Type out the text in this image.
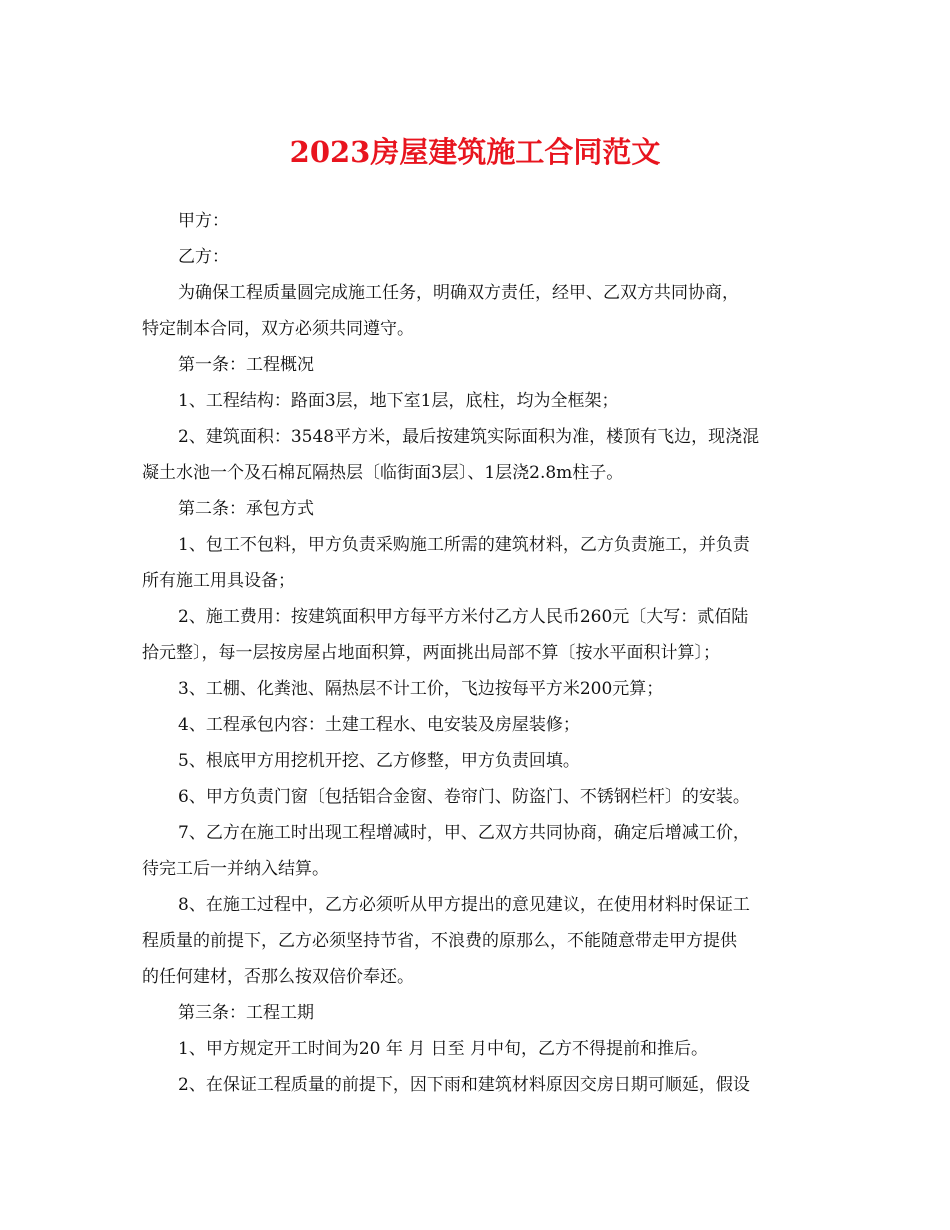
2023房屋建筑施工合同范文
甲方：
乙方：
为确保工程质量圆完成施工任务，明确双方责任，经甲、乙双方共同协商，
特定制本合同，双方必须共同遵守。
第一条：工程概况
1、工程结构：路面3层，地下室1层，底柱，均为全框架；
2、建筑面积：3548平方米，最后按建筑实际面积为准，楼顶有飞边，现浇混
凝土水池一个及石棉瓦隔热层〔临街面3层〕、1层浇2.8m柱子。
第二条：承包方式
1、包工不包料，甲方负责采购施工所需的建筑材料，乙方负责施工，并负责
所有施工用具设备；
2、施工费用：按建筑面积甲方每平方米付乙方人民币260元〔大写：贰佰陆
拾元整〕，每一层按房屋占地面积算，两面挑出局部不算〔按水平面积计算〕；
3、工棚、化粪池、隔热层不计工价，飞边按每平方米200元算；
4、工程承包内容：土建工程水、电安装及房屋装修；
5、根底甲方用挖机开挖、乙方修整，甲方负责回填。
6、甲方负责门窗〔包括铝合金窗、卷帘门、防盗门、不锈钢栏杆〕的安装。
7、乙方在施工时出现工程增减时，甲、乙双方共同协商，确定后增减工价，
待完工后一并纳入结算。
8、在施工过程中，乙方必须听从甲方提出的意见建议，在使用材料时保证工
程质量的前提下，乙方必须坚持节省，不浪费的原那么，不能随意带走甲方提供
的任何建材，否那么按双倍价奉还。
第三条：工程工期
1、甲方规定开工时间为20 年 月 日至 月中旬，乙方不得提前和推后。
2、在保证工程质量的前提下，因下雨和建筑材料原因交房日期可顺延，假设
